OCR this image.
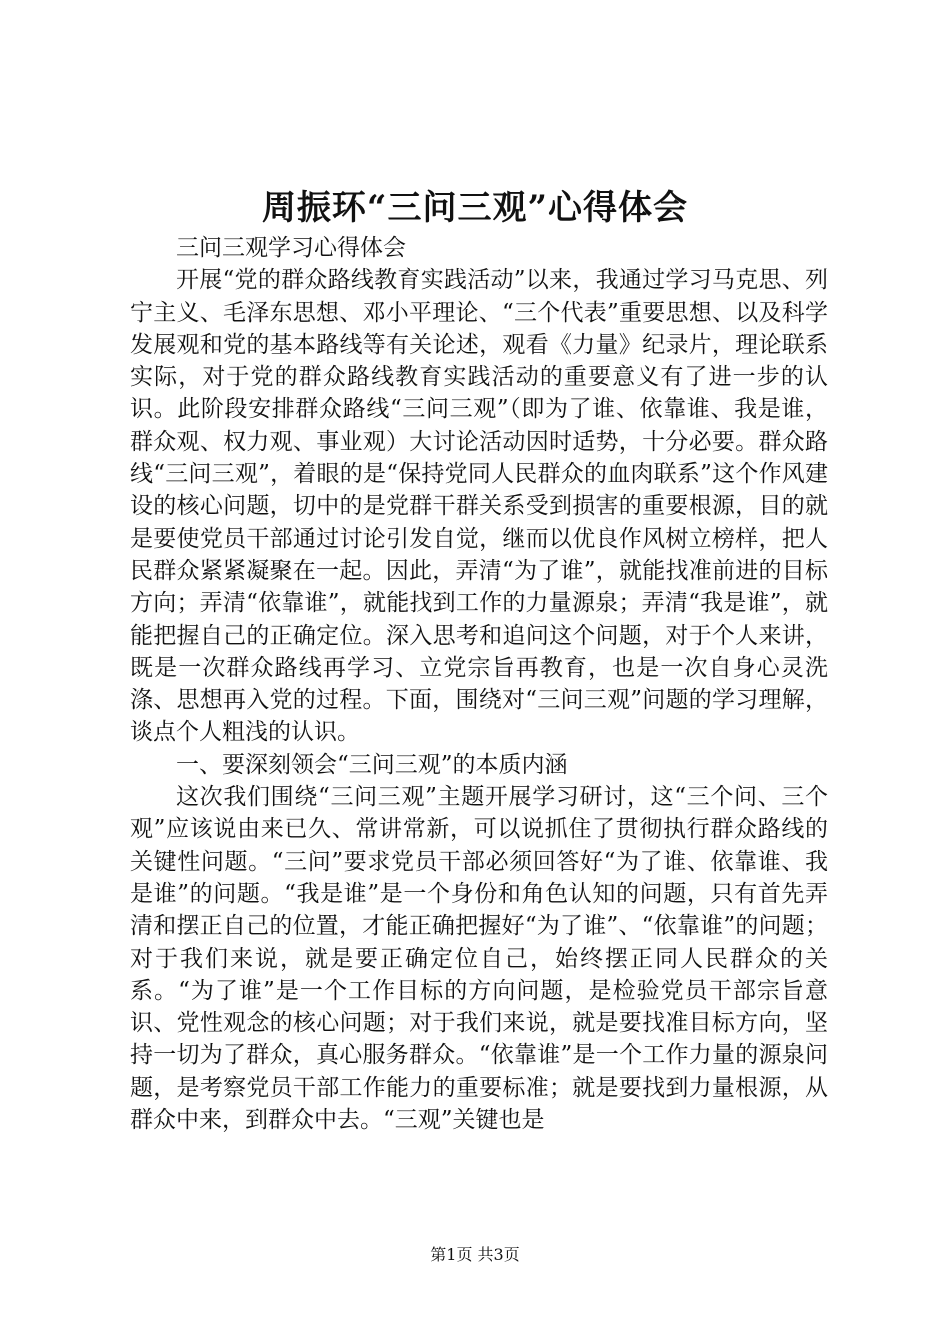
周振环“三问三观”心得体会

三问三观学习心得体会

开展“党的群众路线教育实践活动”以来，我通过学习马克思、列宁主义、毛泽东思想、邓小平理论、“三个代表”重要思想、以及科学发展观和党的基本路线等有关论述，观看《力量》纪录片，理论联系实际，对于党的群众路线教育实践活动的重要意义有了进一步的认识。此阶段安排群众路线“三问三观”（即为了谁、依靠谁、我是谁，群众观、权力观、事业观）大讨论活动因时适势，十分必要。群众路线“三问三观”，着眼的是“保持党同人民群众的血肉联系”这个作风建设的核心问题，切中的是党群干群关系受到损害的重要根源，目的就是要使党员干部通过讨论引发自觉，继而以优良作风树立榜样，把人民群众紧紧凝聚在一起。因此，弄清“为了谁”，就能找准前进的目标方向；弄清“依靠谁”，就能找到工作的力量源泉；弄清“我是谁”，就能把握自己的正确定位。深入思考和追问这个问题，对于个人来讲，既是一次群众路线再学习、立党宗旨再教育，也是一次自身心灵洗涤、思想再入党的过程。下面，围绕对“三问三观”问题的学习理解，谈点个人粗浅的认识。

一、要深刻领会“三问三观”的本质内涵

这次我们围绕“三问三观”主题开展学习研讨，这“三个问、三个观”应该说由来已久、常讲常新，可以说抓住了贯彻执行群众路线的关键性问题。“三问”要求党员干部必须回答好“为了谁、依靠谁、我是谁”的问题。“我是谁”是一个身份和角色认知的问题，只有首先弄清和摆正自己的位置，才能正确把握好“为了谁”、“依靠谁”的问题；对于我们来说，就是要正确定位自己，始终摆正同人民群众的关系。“为了谁”是一个工作目标的方向问题，是检验党员干部宗旨意识、党性观念的核心问题；对于我们来说，就是要找准目标方向，坚持一切为了群众，真心服务群众。“依靠谁”是一个工作力量的源泉问题，是考察党员干部工作能力的重要标准；就是要找到力量根源，从群众中来，到群众中去。“三观”关键也是

第1页 共3页
